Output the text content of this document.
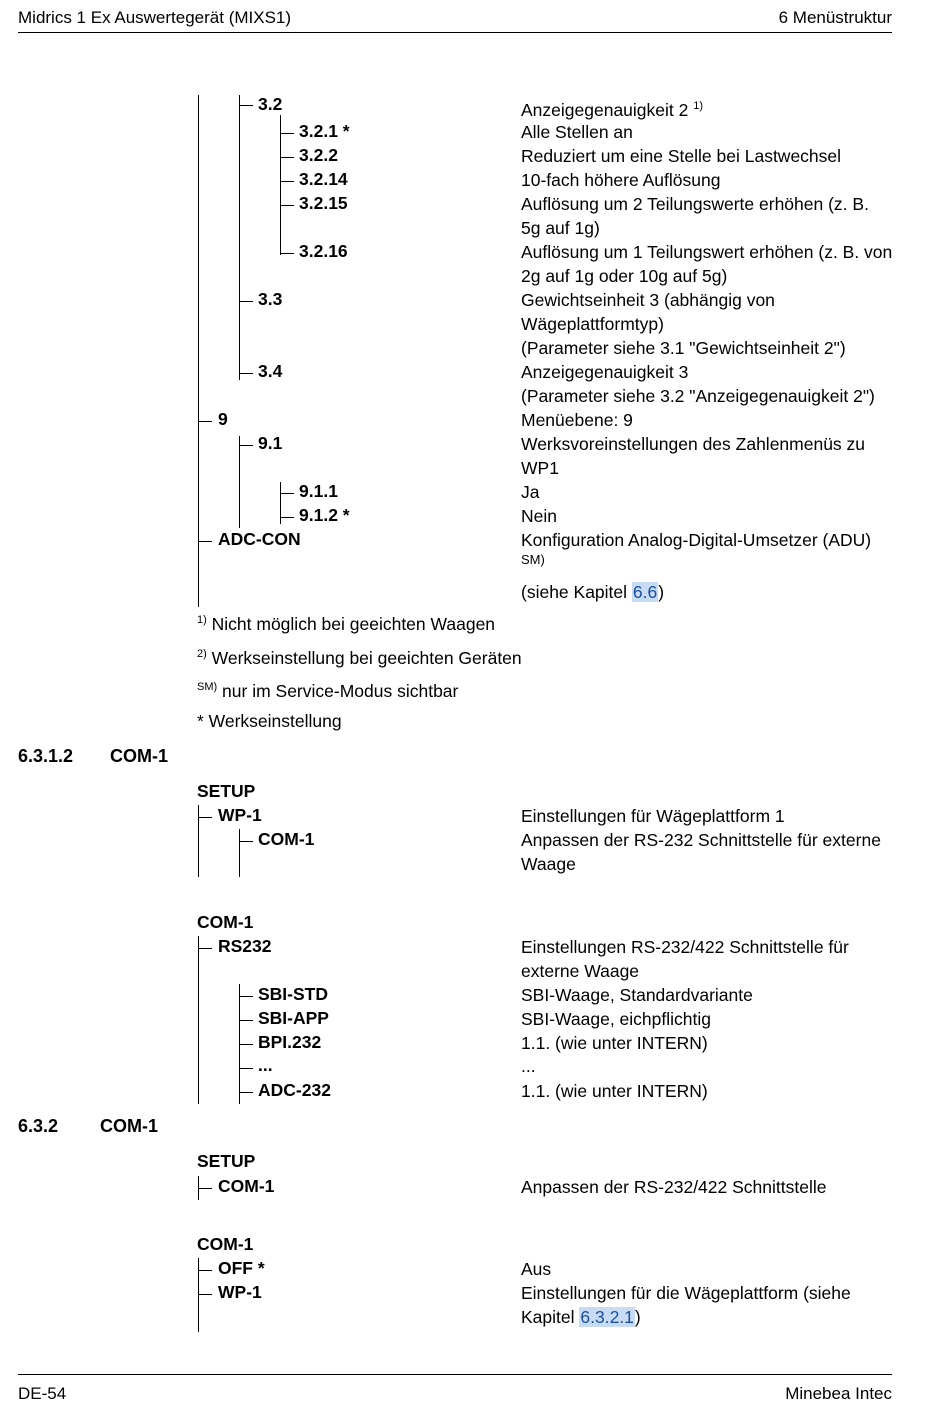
Midrics 1 Ex Auswertegerät (MIXS1)	6 Menüstruktur
3.2	Anzeigegenauigkeit 2 $^{1)}$
3.2.1 *	Alle Stellen an
3.2.2	Reduziert um eine Stelle bei Lastwechsel
3.2.14	10-fach höhere Auflösung
3.2.15	Auflösung um 2 Teilungswerte erhöhen (z. B. 5g auf 1g)
3.2.16	Auflösung um 1 Teilungswert erhöhen (z. B. von 2g auf 1g oder 10g auf 5g)
3.3	Gewichtseinheit 3 (abhängig von Wägeplattformtyp)
(Parameter siehe 3.1 "Gewichtseinheit 2")
3.4	Anzeigegenauigkeit 3
(Parameter siehe 3.2 "Anzeigegenauigkeit 2")
9	Menüebene: 9
9.1	Werksvoreinstellungen des Zahlenmenüs zu WP1
9.1.1	Ja
9.1.2 *	Nein
ADC-CON	Konfiguration Analog-Digital-Umsetzer (ADU)
SM)
(siehe Kapitel 6.6)
$^{1)}$ Nicht möglich bei geeichten Waagen
$^{2)}$ Werkseinstellung bei geeichten Geräten
$^{SM)}$ nur im Service-Modus sichtbar
* Werkseinstellung
6.3.1.2 COM-1
SETUP
WP-1	Einstellungen für Wägeplattform 1
COM-1	Anpassen der RS-232 Schnittstelle für externe Waage
COM-1
RS232	Einstellungen RS-232/422 Schnittstelle für externe Waage
SBI-STD	SBI-Waage, Standardvariante
SBI-APP	SBI-Waage, eichpflichtig
BPI.232	1.1. (wie unter INTERN)
...	...
ADC-232	1.1. (wie unter INTERN)
6.3.2 COM-1
SETUP
COM-1	Anpassen der RS-232/422 Schnittstelle
COM-1
OFF *	Aus
WP-1	Einstellungen für die Wägeplattform (siehe Kapitel 6.3.2.1)
DE-54	Minebea Intec
